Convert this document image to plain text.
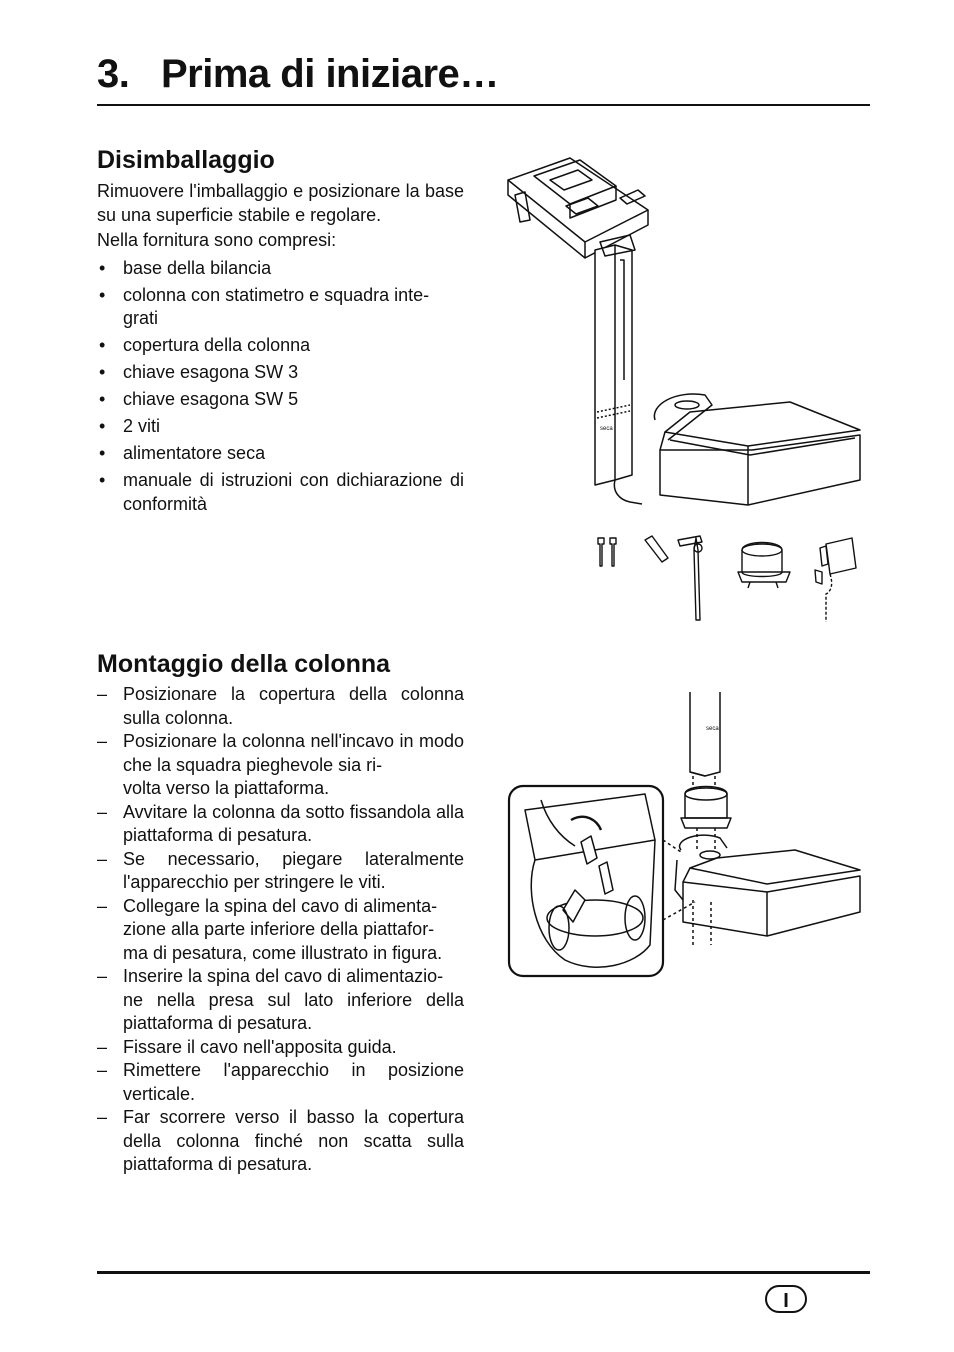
3. Prima di iniziare…
Disimballaggio

Rimuovere l'imballaggio e posizionare la base su una superficie stabile e regolare.

Nella fornitura sono compresi:

• base della bilancia
• colonna con statimetro e squadra inte-
grati
• copertura della colonna
• chiave esagona SW 3
• chiave esagona SW 5
• 2 viti
• alimentatore seca
• manuale di istruzioni con dichiarazione di conformità
seca
Montaggio della colonna
– Posizionare la copertura della colonna sulla colonna.
– Posizionare la colonna nell'incavo in modo che la squadra pieghevole sia ri-
volta verso la piattaforma.
– Avvitare la colonna da sotto fissandola alla piattaforma di pesatura.
– Se necessario, piegare lateralmente l'apparecchio per stringere le viti.
– Collegare la spina del cavo di alimenta-
zione alla parte inferiore della piattafor-
ma di pesatura, come illustrato in figura.
– Inserire la spina del cavo di alimentazio-
ne nella presa sul lato inferiore della piattaforma di pesatura.
– Fissare il cavo nell'apposita guida.
– Rimettere l'apparecchio in posizione verticale.
– Far scorrere verso il basso la copertura della colonna finché non scatta sulla piattaforma di pesatura.
seca
I
